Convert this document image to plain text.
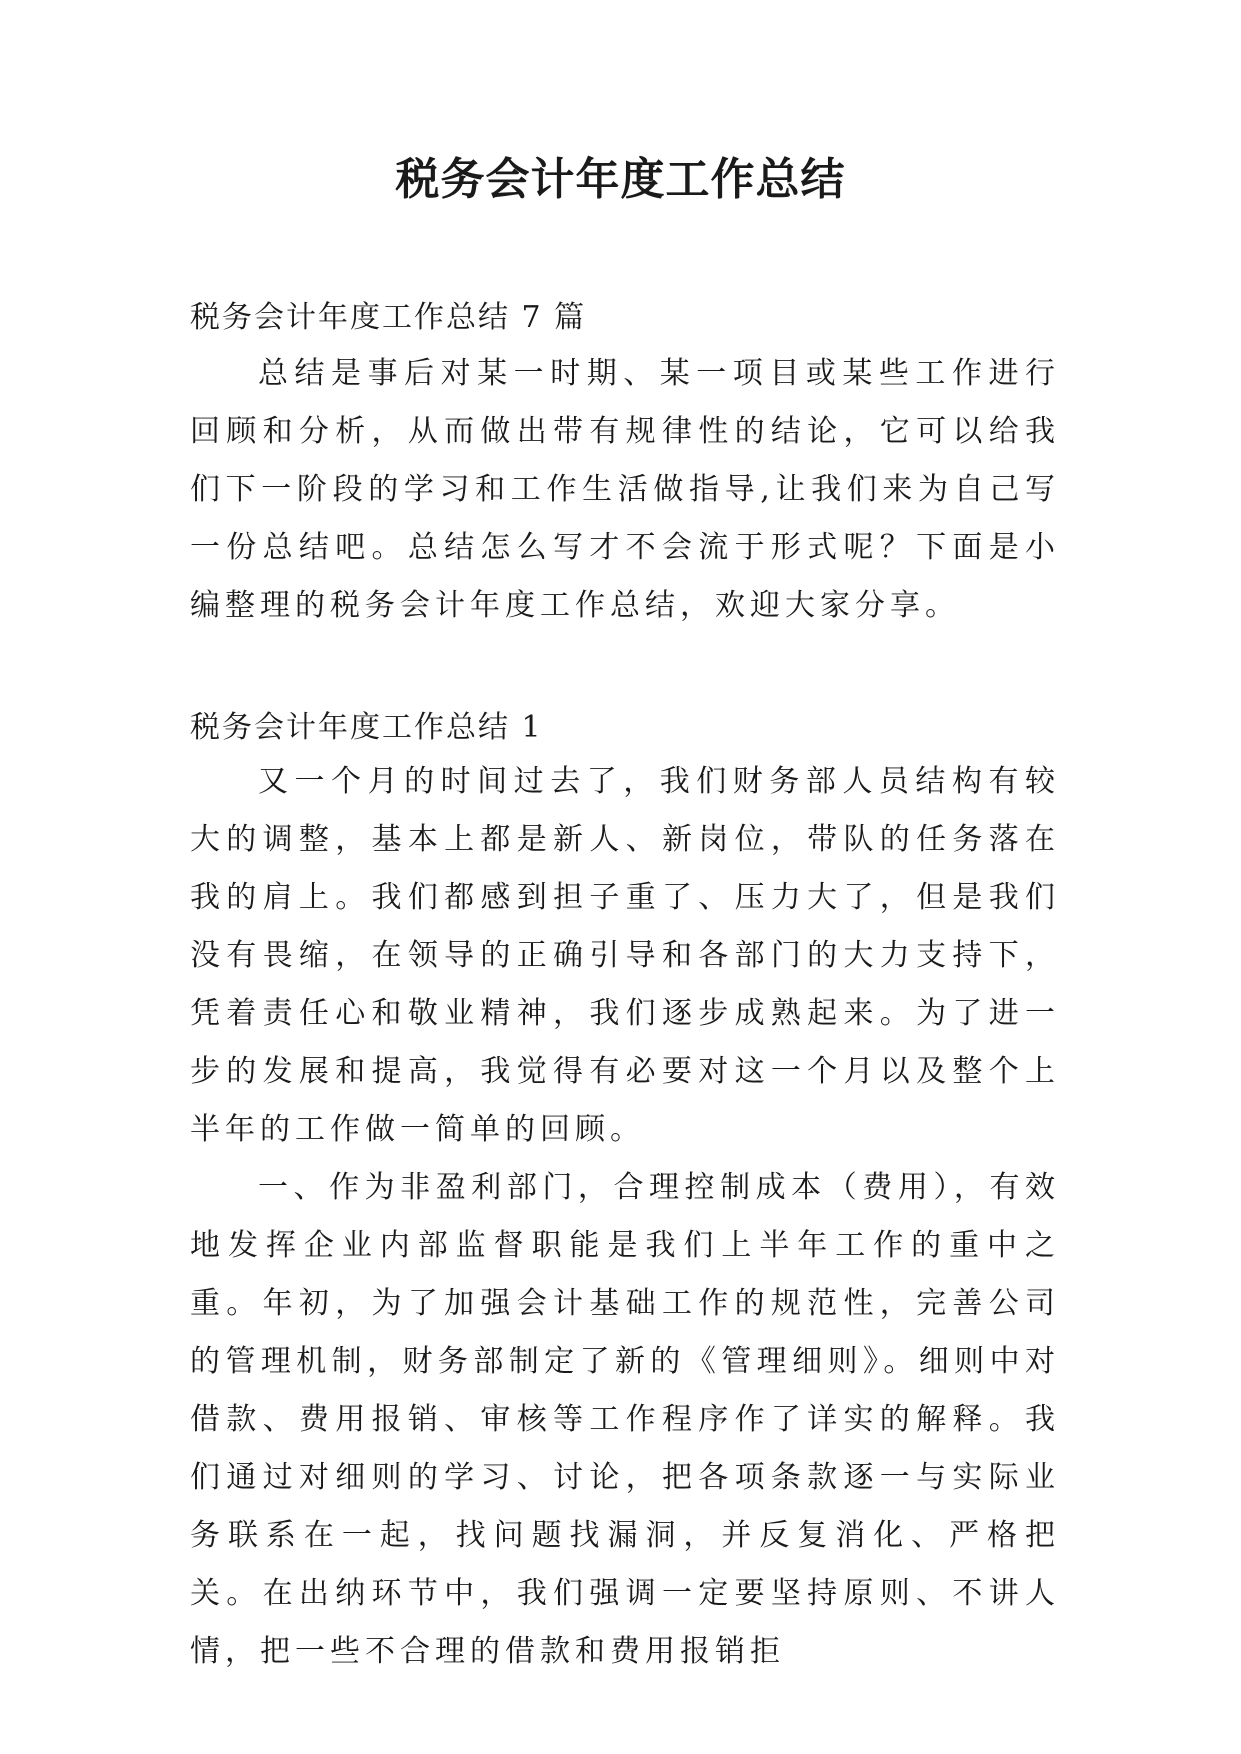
税务会计年度工作总结
税务会计年度工作总结 7 篇

总结是事后对某一时期、某一项目或某些工作进行回顾和分析，从而做出带有规律性的结论，它可以给我们下一阶段的学习和工作生活做指导,让我们来为自己写一份总结吧。总结怎么写才不会流于形式呢？下面是小编整理的税务会计年度工作总结，欢迎大家分享。

税务会计年度工作总结 1

又一个月的时间过去了，我们财务部人员结构有较大的调整，基本上都是新人、新岗位，带队的任务落在我的肩上。我们都感到担子重了、压力大了，但是我们没有畏缩，在领导的正确引导和各部门的大力支持下，凭着责任心和敬业精神，我们逐步成熟起来。为了进一步的发展和提高，我觉得有必要对这一个月以及整个上半年的工作做一简单的回顾。

一、作为非盈利部门，合理控制成本（费用），有效地发挥企业内部监督职能是我们上半年工作的重中之重。年初，为了加强会计基础工作的规范性，完善公司的管理机制，财务部制定了新的《管理细则》。细则中对借款、费用报销、审核等工作程序作了详实的解释。我们通过对细则的学习、讨论，把各项条款逐一与实际业务联系在一起，找问题找漏洞，并反复消化、严格把关。在出纳环节中，我们强调一定要坚持原则、不讲人情，把一些不合理的借款和费用报销拒
